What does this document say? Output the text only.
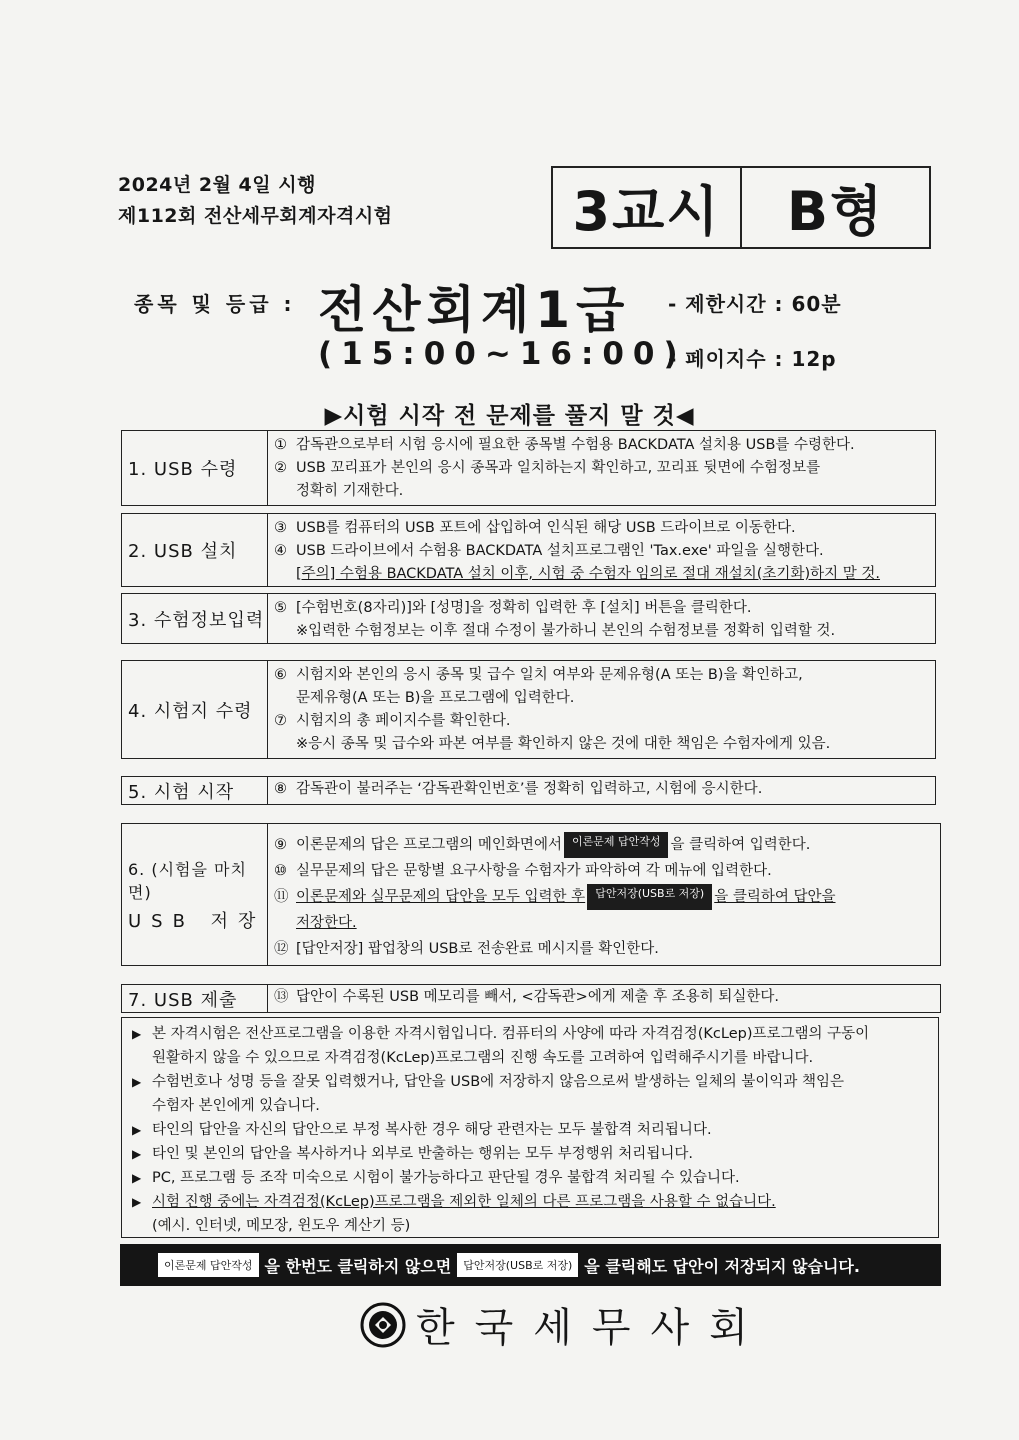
2024년 2월 4일 시행
제112회 전산세무회계자격시험	3교시	B형
종목 및 등급 : 전산회계1급
(15:00~16:00)
- 제한시간 : 60분
- 페이지수 : 12p
▶시험 시작 전 문제를 풀지 말 것◀
1. USB 수령
① 감독관으로부터 시험 응시에 필요한 종목별 수험용 BACKDATA 설치용 USB를 수령한다.
② USB 꼬리표가 본인의 응시 종목과 일치하는지 확인하고, 꼬리표 뒷면에 수험정보를
정확히 기재한다.
2. USB 설치
③ USB를 컴퓨터의 USB 포트에 삽입하여 인식된 해당 USB 드라이브로 이동한다.
④ USB 드라이브에서 수험용 BACKDATA 설치프로그램인 'Tax.exe' 파일을 실행한다.
[주의] 수험용 BACKDATA 설치 이후, 시험 중 수험자 임의로 절대 재설치(초기화)하지 말 것.
3. 수험정보입력
⑤ [수험번호(8자리)]와 [성명]을 정확히 입력한 후 [설치] 버튼을 클릭한다.
※입력한 수험정보는 이후 절대 수정이 불가하니 본인의 수험정보를 정확히 입력할 것.
4. 시험지 수령
⑥ 시험지와 본인의 응시 종목 및 급수 일치 여부와 문제유형(A 또는 B)을 확인하고,
문제유형(A 또는 B)을 프로그램에 입력한다.
⑦ 시험지의 총 페이지수를 확인한다.
※응시 종목 및 급수와 파본 여부를 확인하지 않은 것에 대한 책임은 수험자에게 있음.
5. 시험 시작	⑧ 감독관이 불러주는 ‘감독관확인번호’를 정확히 입력하고, 시험에 응시한다.
6. (시험을 마치면)
USB 저장
⑨ 이론문제의 답은 프로그램의 메인화면에서 이론문제 답안작성 을 클릭하여 입력한다.
⑩ 실무문제의 답은 문항별 요구사항을 수험자가 파악하여 각 메뉴에 입력한다.
⑪ 이론문제와 실무문제의 답안을 모두 입력한 후 답안저장(USB로 저장) 을 클릭하여 답안을
저장한다.
⑫ [답안저장] 팝업창의 USB로 전송완료 메시지를 확인한다.
7. USB 제출	⑬ 답안이 수록된 USB 메모리를 빼서, <감독관>에게 제출 후 조용히 퇴실한다.
▶ 본 자격시험은 전산프로그램을 이용한 자격시험입니다. 컴퓨터의 사양에 따라 자격검정(KcLep)프로그램의 구동이
원활하지 않을 수 있으므로 자격검정(KcLep)프로그램의 진행 속도를 고려하여 입력해주시기를 바랍니다.
▶ 수험번호나 성명 등을 잘못 입력했거나, 답안을 USB에 저장하지 않음으로써 발생하는 일체의 불이익과 책임은
수험자 본인에게 있습니다.
▶ 타인의 답안을 자신의 답안으로 부정 복사한 경우 해당 관련자는 모두 불합격 처리됩니다.
▶ 타인 및 본인의 답안을 복사하거나 외부로 반출하는 행위는 모두 부정행위 처리됩니다.
▶ PC, 프로그램 등 조작 미숙으로 시험이 불가능하다고 판단될 경우 불합격 처리될 수 있습니다.
▶ 시험 진행 중에는 자격검정(KcLep)프로그램을 제외한 일체의 다른 프로그램을 사용할 수 없습니다.
(예시. 인터넷, 메모장, 윈도우 계산기 등)
이론문제 답안작성 을 한번도 클릭하지 않으면	답안저장(USB로 저장) 을 클릭해도 답안이 저장되지 않습니다.
한국세무사회
